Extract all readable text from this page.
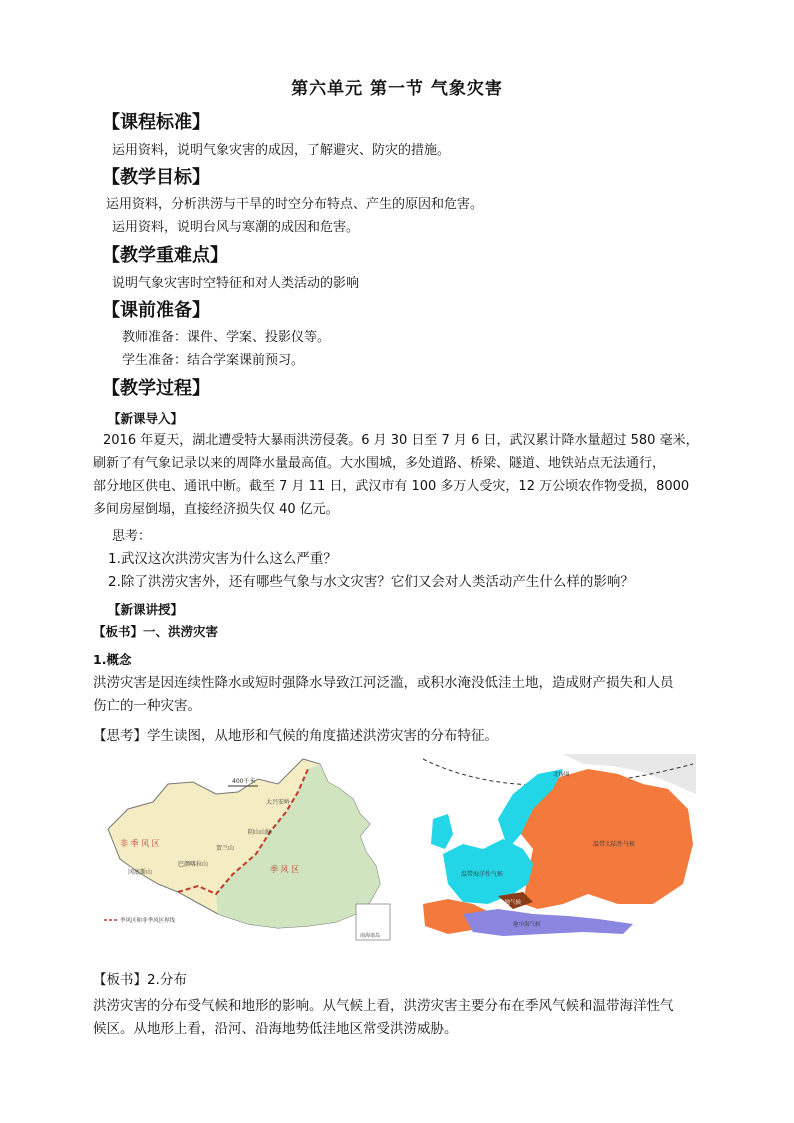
第六单元 第一节 气象灾害
【课程标准】
运用资料，说明气象灾害的成因，了解避灾、防灾的措施。
【教学目标】
运用资料，分析洪涝与干旱的时空分布特点、产生的原因和危害。
运用资料，说明台风与寒潮的成因和危害。
【教学重难点】
说明气象灾害时空特征和对人类活动的影响
【课前准备】
教师准备：课件、学案、投影仪等。
学生准备：结合学案课前预习。
【教学过程】
【新课导入】
2016 年夏天，湖北遭受特大暴雨洪涝侵袭。6 月 30 日至 7 月 6 日，武汉累计降水量超过 580 毫米，
刷新了有气象记录以来的周降水量最高值。大水围城，多处道路、桥梁、隧道、地铁站点无法通行，
部分地区供电、通讯中断。截至 7 月 11 日，武汉市有 100 多万人受灾，12 万公顷农作物受损，8000
多间房屋倒塌，直接经济损失仅 40 亿元。
思考：
1.武汉这次洪涝灾害为什么这么严重？
2.除了洪涝灾害外，还有哪些气象与水文灾害？它们又会对人类活动产生什么样的影响？
【新课讲授】
【板书】一、洪涝灾害
1.概念
洪涝灾害是因连续性降水或短时强降水导致江河泛滥，或积水淹没低洼土地，造成财产损失和人员
伤亡的一种灾害。
【思考】学生读图，从地形和气候的角度描述洪涝灾害的分布特征。
400千米
非 季 风 区
季 风 区
大兴安岭
阴山山脉
贺兰山
巴颜喀拉山
冈底斯山
季风区和非季风区界线
南海诸岛
温带海洋性气候
温带大陆性气候
山地气候
地中海气候
北极圈
【板书】2.分布
洪涝灾害的分布受气候和地形的影响。从气候上看，洪涝灾害主要分布在季风气候和温带海洋性气
候区。从地形上看，沿河、沿海地势低洼地区常受洪涝威胁。
